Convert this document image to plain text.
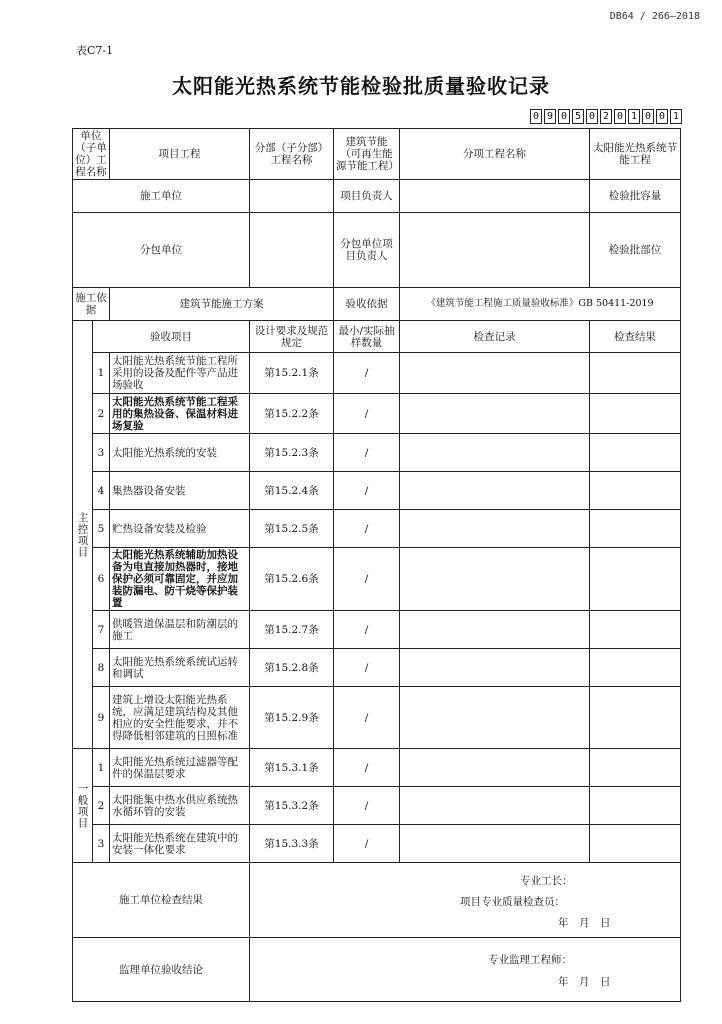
DB64 / 266—2018
表C7-1
太阳能光热系统节能检验批质量验收记录
0 9 0 5 0 2 0 1 0 0 1
单位（子单位）工程名称		项目工程	分部（子分部）工程名称	建筑节能（可再生能源节能工程）	分项工程名称	太阳能光热系统节能工程	
施工单位				项目负责人		检验批容量	
分包单位				分包单位项目负责人		检验批部位	
施工依据		建筑节能施工方案		验收依据	《建筑节能工程施工质量验收标准》GB 50411-2019		
主控项目	验收项目		设计要求及规范规定	最小/实际抽样数量	检查记录	检查结果	
	1	太阳能光热系统节能工程所采用的设备及配件等产品进场验收	第15.2.1条	/			
	2	太阳能光热系统节能工程采用的集热设备、保温材料进场复验	第15.2.2条	/			
	3	太阳能光热系统的安装	第15.2.3条	/			
	4	集热器设备安装	第15.2.4条	/			
	5	贮热设备安装及检验	第15.2.5条	/			
	6	太阳能光热系统辅助加热设备为电直接加热器时，接地保护必须可靠固定，并应加装防漏电、防干烧等保护装置	第15.2.6条	/			
	7	供暖管道保温层和防潮层的施工	第15.2.7条	/			
	8	太阳能光热系统系统试运转和调试	第15.2.8条	/			
	9	建筑上增设太阳能光热系统，应满足建筑结构及其他相应的安全性能要求，并不得降低相邻建筑的日照标准	第15.2.9条	/			
一般项目	1	太阳能光热系统过滤器等配件的保温层要求	第15.3.1条	/			
	2	太阳能集中热水供应系统热水循环管的安装	第15.3.2条	/			
	3	太阳能光热系统在建筑中的安装一体化要求	第15.3.3条	/			
施工单位检查结果			专业工长：
项目专业质量检查员：
年　月　日				

监理单位验收结论			专业监理工程师：
年　月　日				
